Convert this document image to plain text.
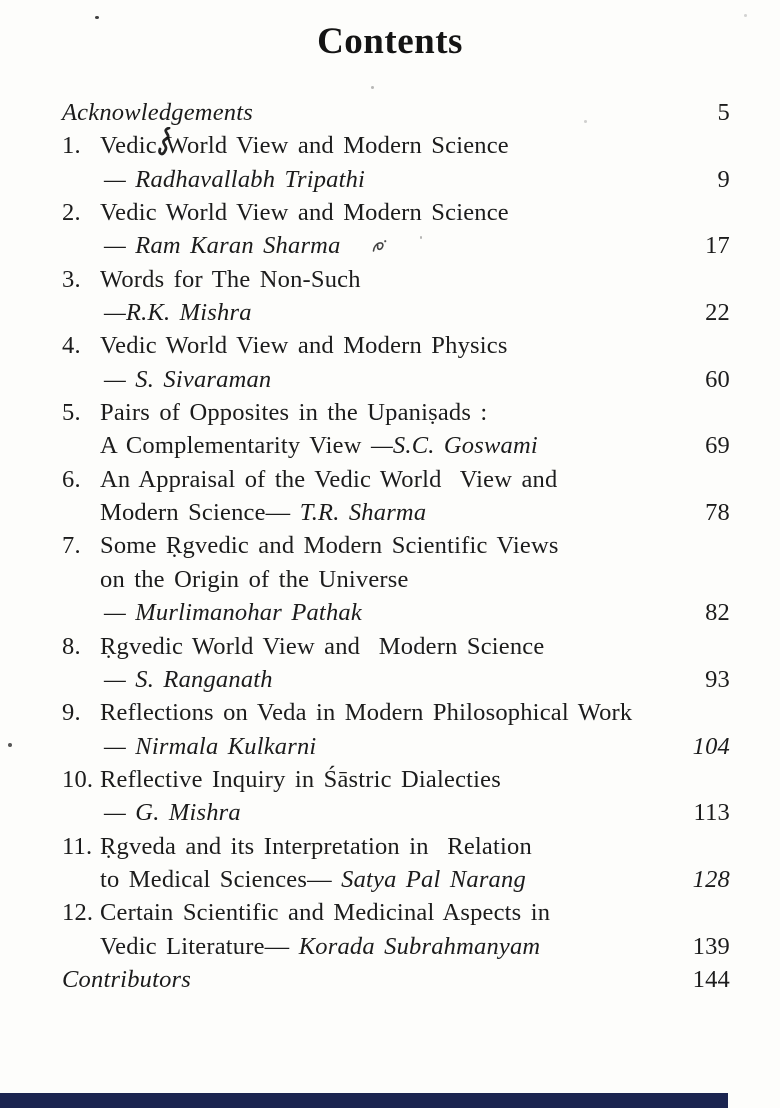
Contents
Acknowledgements	5
1. Vedic World View and Modern Science
— Radhavallabh Tripathi	9
2. Vedic World View and Modern Science
— Ram Karan Sharma	17
3. Words for The Non-Such
—R.K. Mishra	22
4. Vedic World View and Modern Physics
— S. Sivaraman	60
5. Pairs of Opposites in the Upaniṣads :
A Complementarity View —S.C. Goswami	69
6. An Appraisal of the Vedic World  View and
Modern Science— T.R. Sharma	78
7. Some Ṛgvedic and Modern Scientific Views
on the Origin of the Universe
— Murlimanohar Pathak	82
8. Ṛgvedic World View and  Modern Science
— S. Ranganath	93
9. Reflections on Veda in Modern Philosophical Work
— Nirmala Kulkarni	104
10. Reflective Inquiry in Śāstric Dialecties
— G. Mishra	113
11. Ṛgveda and its Interpretation in  Relation
to Medical Sciences— Satya Pal Narang	128
12. Certain Scientific and Medicinal Aspects in
Vedic Literature— Korada Subrahmanyam	139
Contributors	144
